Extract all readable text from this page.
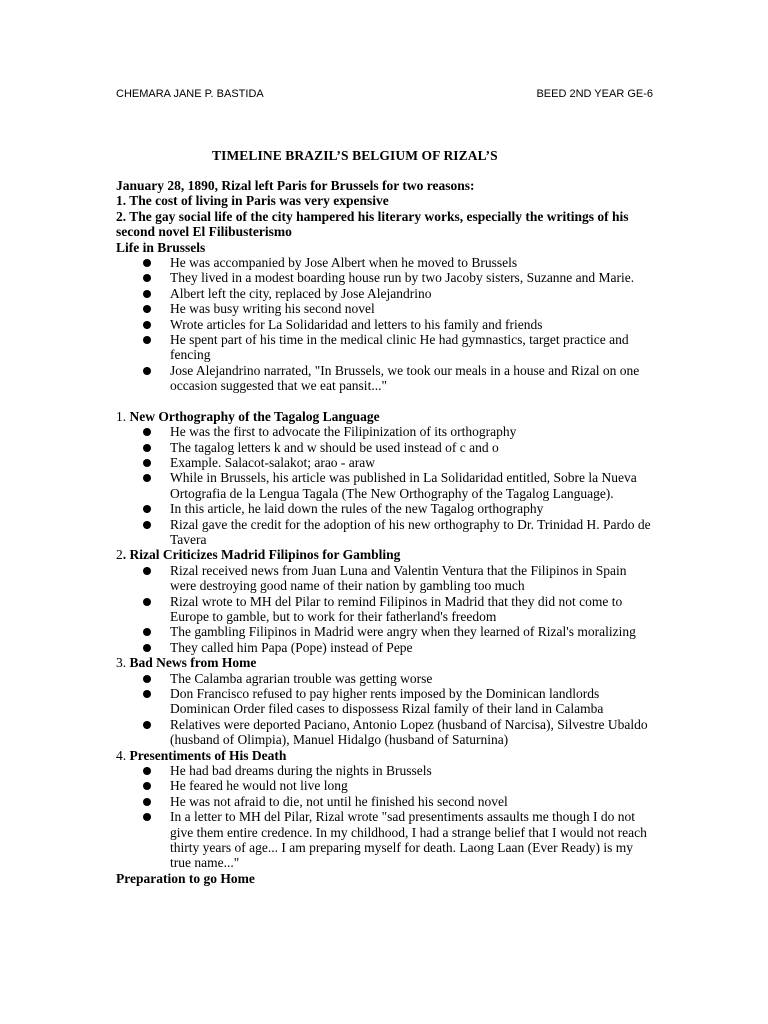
CHEMARA JANE P. BASTIDA	BEED 2ND YEAR GE-6
TIMELINE BRAZIL’S BELGIUM OF RIZAL’S
January 28, 1890, Rizal left Paris for Brussels for two reasons:
1. The cost of living in Paris was very expensive
2. The gay social life of the city hampered his literary works, especially the writings of his second novel El Filibusterismo
Life in Brussels
He was accompanied by Jose Albert when he moved to Brussels
They lived in a modest boarding house run by two Jacoby sisters, Suzanne and Marie.
Albert left the city, replaced by Jose Alejandrino
He was busy writing his second novel
Wrote articles for La Solidaridad and letters to his family and friends
He spent part of his time in the medical clinic He had gymnastics, target practice and fencing
Jose Alejandrino narrated, "In Brussels, we took our meals in a house and Rizal on one occasion suggested that we eat pansit..."
1. New Orthography of the Tagalog Language
He was the first to advocate the Filipinization of its orthography
The tagalog letters k and w should be used instead of c and o
Example. Salacot-salakot; arao - araw
While in Brussels, his article was published in La Solidaridad entitled, Sobre la Nueva Ortografia de la Lengua Tagala (The New Orthography of the Tagalog Language).
In this article, he laid down the rules of the new Tagalog orthography
Rizal gave the credit for the adoption of his new orthography to Dr. Trinidad H. Pardo de Tavera
2. Rizal Criticizes Madrid Filipinos for Gambling
Rizal received news from Juan Luna and Valentin Ventura that the Filipinos in Spain were destroying good name of their nation by gambling too much
Rizal wrote to MH del Pilar to remind Filipinos in Madrid that they did not come to Europe to gamble, but to work for their fatherland's freedom
The gambling Filipinos in Madrid were angry when they learned of Rizal's moralizing
They called him Papa (Pope) instead of Pepe
3. Bad News from Home
The Calamba agrarian trouble was getting worse
Don Francisco refused to pay higher rents imposed by the Dominican landlords Dominican Order filed cases to dispossess Rizal family of their land in Calamba
Relatives were deported Paciano, Antonio Lopez (husband of Narcisa), Silvestre Ubaldo (husband of Olimpia), Manuel Hidalgo (husband of Saturnina)
4. Presentiments of His Death
He had bad dreams during the nights in Brussels
He feared he would not live long
He was not afraid to die, not until he finished his second novel
In a letter to MH del Pilar, Rizal wrote "sad presentiments assaults me though I do not give them entire credence. In my childhood, I had a strange belief that I would not reach thirty years of age... I am preparing myself for death. Laong Laan (Ever Ready) is my true name..."
Preparation to go Home
